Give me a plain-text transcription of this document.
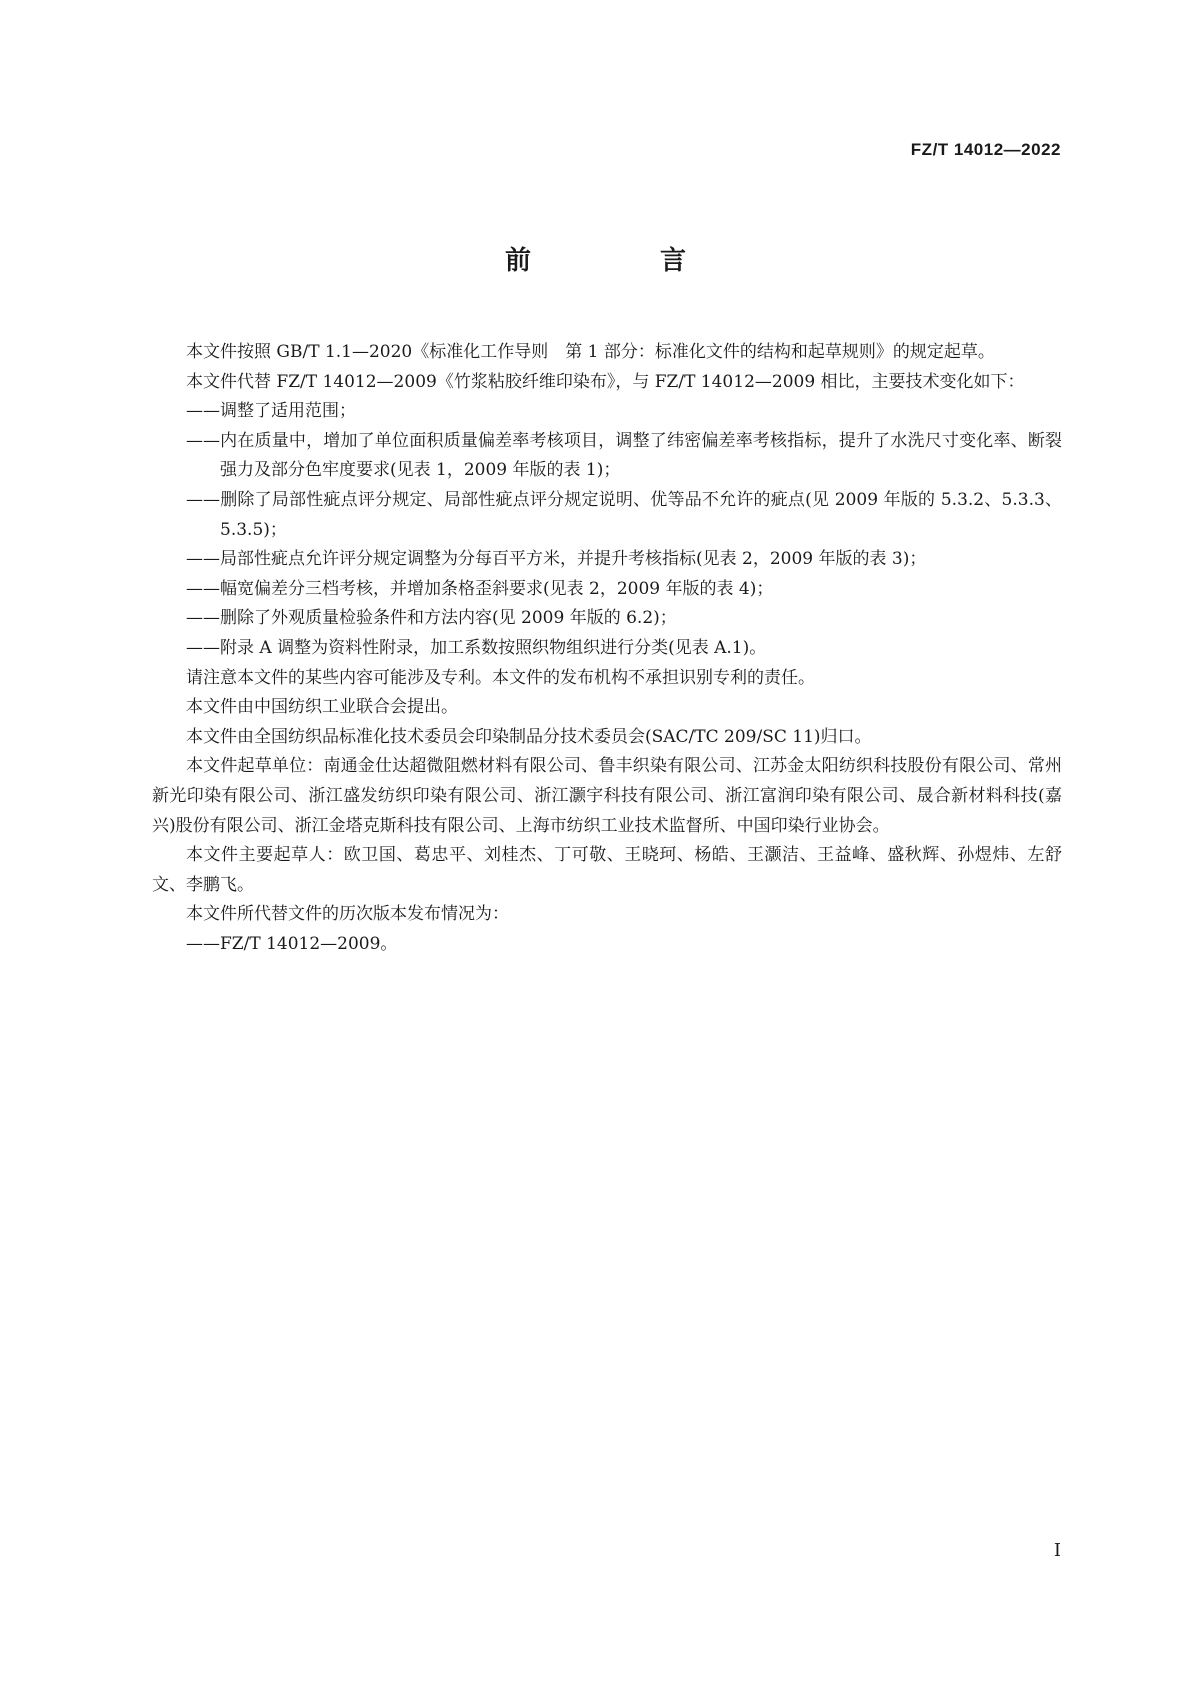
FZ/T 14012—2022
前 言

本文件按照 GB/T 1.1—2020《标准化工作导则　第 1 部分：标准化文件的结构和起草规则》的规定起草。

本文件代替 FZ/T 14012—2009《竹浆粘胶纤维印染布》，与 FZ/T 14012—2009 相比，主要技术变化如下：

——调整了适用范围；

——内在质量中，增加了单位面积质量偏差率考核项目，调整了纬密偏差率考核指标，提升了水洗尺寸变化率、断裂强力及部分色牢度要求(见表 1，2009 年版的表 1)；

——删除了局部性疵点评分规定、局部性疵点评分规定说明、优等品不允许的疵点(见 2009 年版的 5.3.2、5.3.3、5.3.5)；

——局部性疵点允许评分规定调整为分每百平方米，并提升考核指标(见表 2，2009 年版的表 3)；

——幅宽偏差分三档考核，并增加条格歪斜要求(见表 2，2009 年版的表 4)；

——删除了外观质量检验条件和方法内容(见 2009 年版的 6.2)；

——附录 A 调整为资料性附录，加工系数按照织物组织进行分类(见表 A.1)。

请注意本文件的某些内容可能涉及专利。本文件的发布机构不承担识别专利的责任。

本文件由中国纺织工业联合会提出。

本文件由全国纺织品标准化技术委员会印染制品分技术委员会(SAC/TC 209/SC 11)归口。

本文件起草单位：南通金仕达超微阻燃材料有限公司、鲁丰织染有限公司、江苏金太阳纺织科技股份有限公司、常州新光印染有限公司、浙江盛发纺织印染有限公司、浙江灏宇科技有限公司、浙江富润印染有限公司、晟合新材料科技(嘉兴)股份有限公司、浙江金塔克斯科技有限公司、上海市纺织工业技术监督所、中国印染行业协会。

本文件主要起草人：欧卫国、葛忠平、刘桂杰、丁可敬、王晓珂、杨皓、王灏洁、王益峰、盛秋辉、孙煜炜、左舒文、李鹏飞。

本文件所代替文件的历次版本发布情况为：

——FZ/T 14012—2009。

I
